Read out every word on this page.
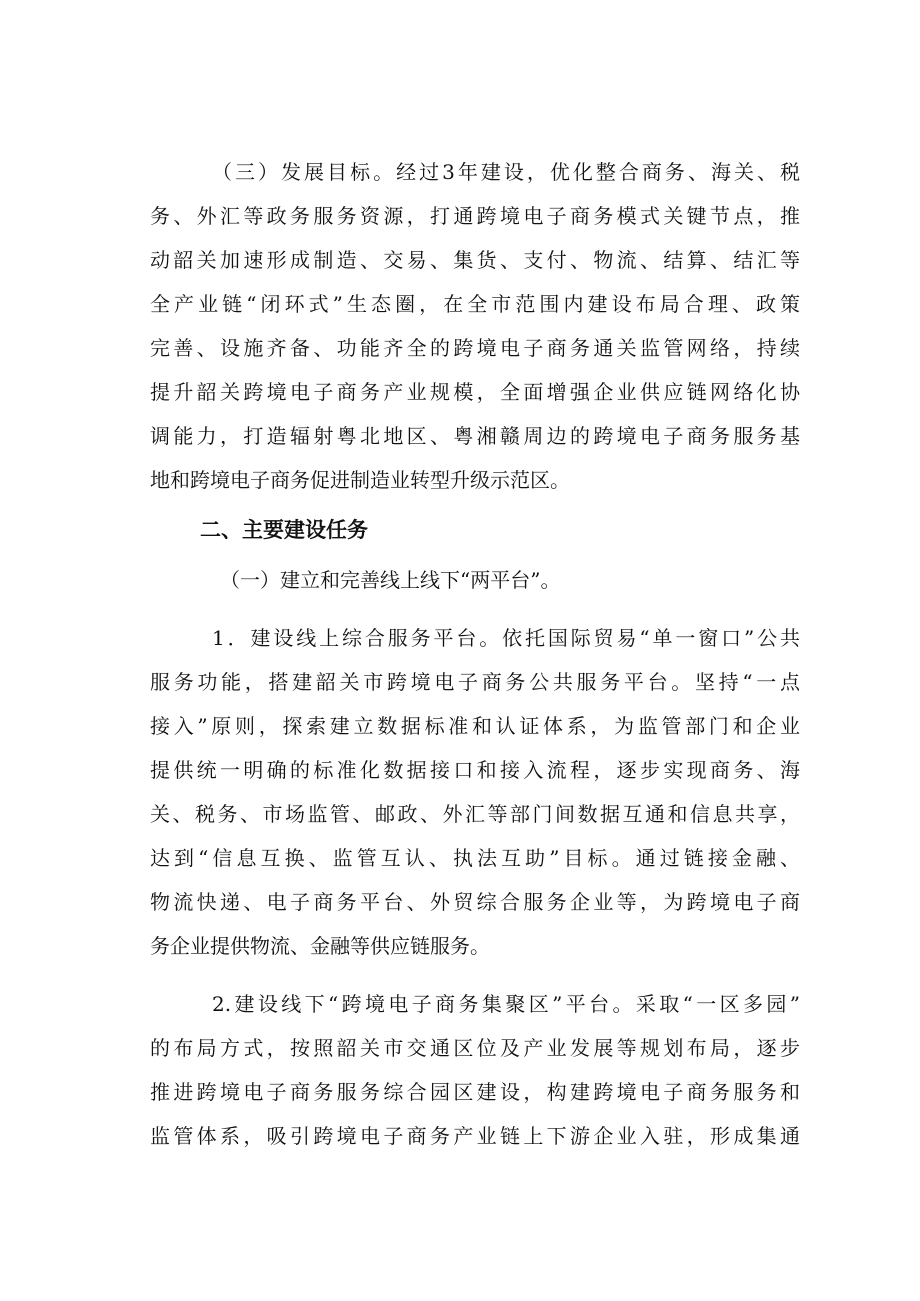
（三）发展目标。经过3年建设，优化整合商务、海关、税
务、外汇等政务服务资源，打通跨境电子商务模式关键节点，推
动韶关加速形成制造、交易、集货、支付、物流、结算、结汇等
全产业链“闭环式”生态圈，在全市范围内建设布局合理、政策
完善、设施齐备、功能齐全的跨境电子商务通关监管网络，持续
提升韶关跨境电子商务产业规模，全面增强企业供应链网络化协
调能力，打造辐射粤北地区、粤湘赣周边的跨境电子商务服务基
地和跨境电子商务促进制造业转型升级示范区。
二、主要建设任务
（一）建立和完善线上线下“两平台”。
1．建设线上综合服务平台。依托国际贸易“单一窗口”公共
服务功能，搭建韶关市跨境电子商务公共服务平台。坚持“一点
接入”原则，探索建立数据标准和认证体系，为监管部门和企业
提供统一明确的标准化数据接口和接入流程，逐步实现商务、海
关、税务、市场监管、邮政、外汇等部门间数据互通和信息共享，
达到“信息互换、监管互认、执法互助”目标。通过链接金融、
物流快递、电子商务平台、外贸综合服务企业等，为跨境电子商
务企业提供物流、金融等供应链服务。
2.建设线下“跨境电子商务集聚区”平台。采取“一区多园”
的布局方式，按照韶关市交通区位及产业发展等规划布局，逐步
推进跨境电子商务服务综合园区建设，构建跨境电子商务服务和
监管体系，吸引跨境电子商务产业链上下游企业入驻，形成集通
